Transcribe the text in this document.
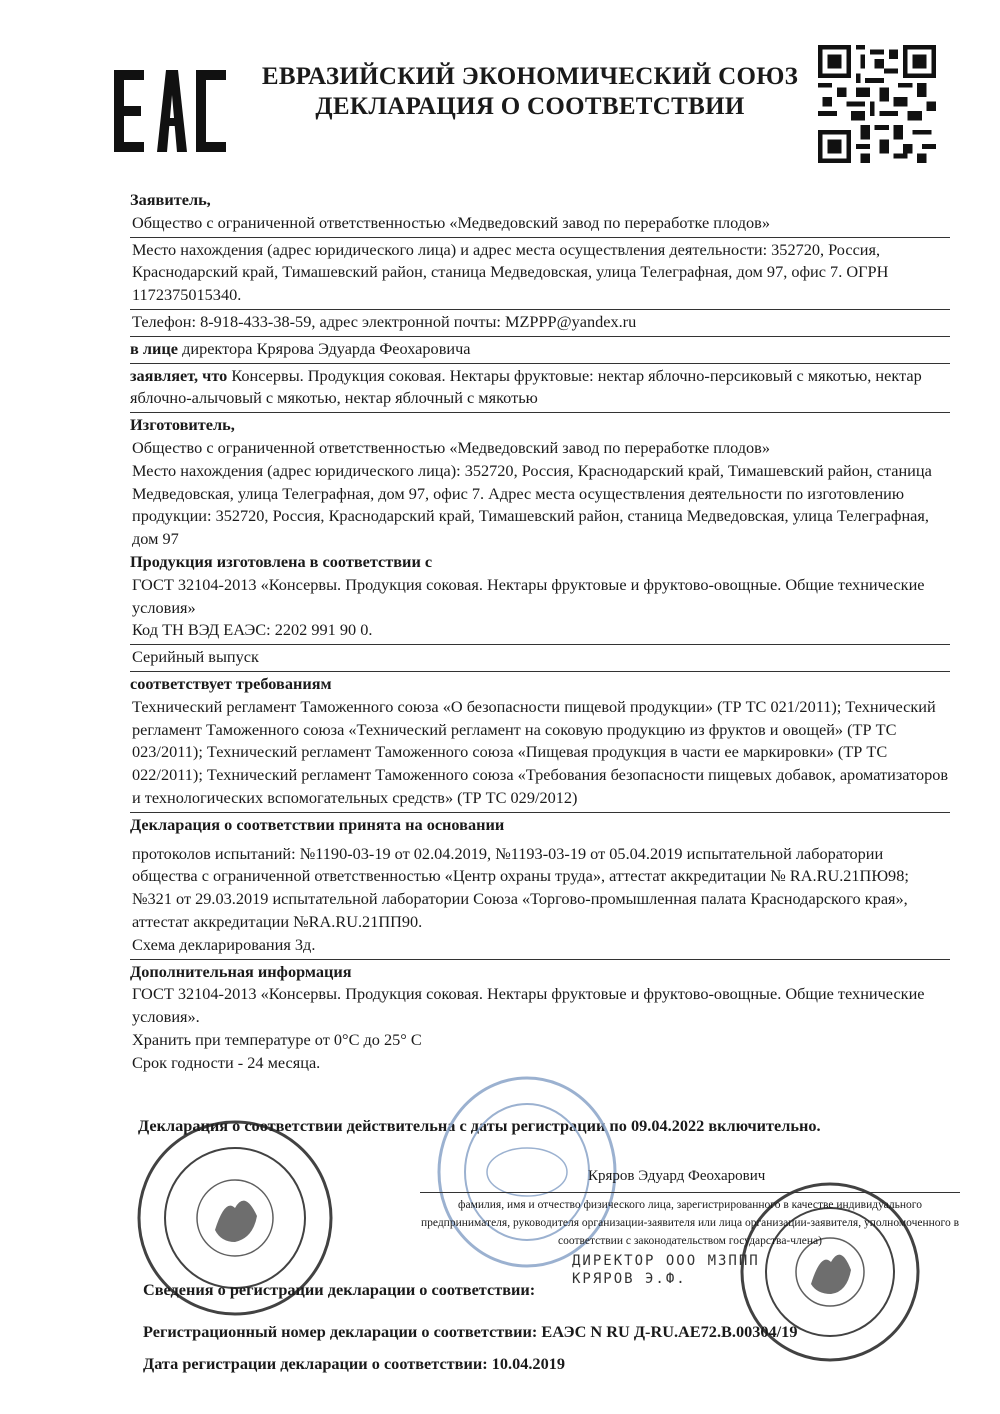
ЕВРАЗИЙСКИЙ ЭКОНОМИЧЕСКИЙ СОЮЗ
ДЕКЛАРАЦИЯ О СООТВЕТСТВИИ
Заявитель,
Общество с ограниченной ответственностью «Медведовский завод по переработке плодов»
Место нахождения (адрес юридического лица) и адрес места осуществления деятельности: 352720, Россия, Краснодарский край, Тимашевский район, станица Медведовская, улица Телеграфная, дом 97, офис 7. ОГРН 1172375015340.
Телефон: 8-918-433-38-59, адрес электронной почты: MZPPP@yandex.ru
в лице директора Крярова Эдуарда Феохаровича
заявляет, что Консервы. Продукция соковая. Нектары фруктовые: нектар яблочно-персиковый с мякотью, нектар яблочно-алычовый с мякотью, нектар яблочный с мякотью
Изготовитель,
Общество с ограниченной ответственностью «Медведовский завод по переработке плодов»
Место нахождения (адрес юридического лица): 352720, Россия, Краснодарский край, Тимашевский район, станица Медведовская, улица Телеграфная, дом 97, офис 7. Адрес места осуществления деятельности по изготовлению продукции: 352720, Россия, Краснодарский край, Тимашевский район, станица Медведовская, улица Телеграфная, дом 97
Продукция изготовлена в соответствии с
ГОСТ 32104-2013 «Консервы. Продукция соковая. Нектары фруктовые и фруктово-овощные. Общие технические условия»
Код ТН ВЭД ЕАЭС: 2202 991 90 0.
Серийный выпуск
соответствует требованиям
Технический регламент Таможенного союза «О безопасности пищевой продукции» (ТР ТС 021/2011); Технический регламент Таможенного союза «Технический регламент на соковую продукцию из фруктов и овощей» (ТР ТС 023/2011); Технический регламент Таможенного союза «Пищевая продукция в части ее маркировки» (ТР ТС 022/2011); Технический регламент Таможенного союза «Требования безопасности пищевых добавок, ароматизаторов и технологических вспомогательных средств» (ТР ТС 029/2012)
Декларация о соответствии принята на основании
протоколов испытаний: №1190-03-19 от 02.04.2019, №1193-03-19 от 05.04.2019 испытательной лаборатории общества с ограниченной ответственностью «Центр охраны труда», аттестат аккредитации № RA.RU.21ПЮ98; №321 от 29.03.2019 испытательной лаборатории Союза «Торгово-промышленная палата Краснодарского края», аттестат аккредитации №RA.RU.21ПП90.
Схема декларирования 3д.
Дополнительная информация
ГОСТ 32104-2013 «Консервы. Продукция соковая. Нектары фруктовые и фруктово-овощные. Общие технические условия».
Хранить при температуре от 0°С до 25° С
Срок годности - 24 месяца.
Декларация о соответствии действительна с даты регистрации по 09.04.2022 включительно.
Кряров Эдуард Феохарович
фамилия, имя и отчество физического лица, зарегистрированного в качестве индивидуального предпринимателя, руководителя организации-заявителя или лица организации-заявителя, уполномоченного в соответствии с законодательством государства-члена)
ДИРЕКТОР ООО МЗППП
КРЯРОВ Э.Ф.
Сведения о регистрации декларации о соответствии:
Регистрационный номер декларации о соответствии: ЕАЭС N RU Д-RU.АЕ72.В.00304/19
Дата регистрации декларации о соответствии: 10.04.2019
